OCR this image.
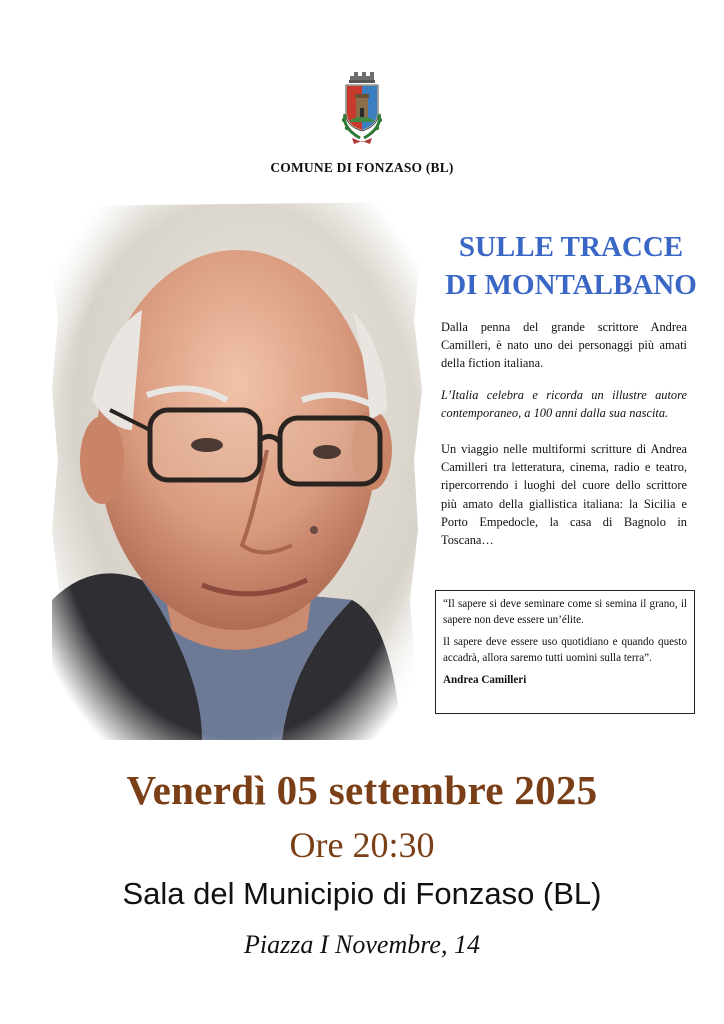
COMUNE DI FONZASO (BL)
SULLE TRACCE
DI MONTALBANO

Dalla penna del grande scrittore Andrea Camilleri, è nato uno dei personaggi più amati della fiction italiana.

L’Italia celebra e ricorda un illustre autore contemporaneo, a 100 anni dalla sua nascita.

Un viaggio nelle multiformi scritture di Andrea Camilleri tra letteratura, cinema, radio e teatro, ripercorrendo i luoghi del cuore dello scrittore più amato della giallistica italiana: la Sicilia e Porto Empedocle, la casa di Bagnolo in Toscana…

“Il sapere si deve seminare come si semina il grano, il sapere non deve essere un’élite.

Il sapere deve essere uso quotidiano e quando questo accadrà, allora saremo tutti uomini sulla terra”.

Andrea Camilleri
Venerdì 05 settembre 2025
Ore 20:30
Sala del Municipio di Fonzaso (BL)
Piazza I Novembre, 14
